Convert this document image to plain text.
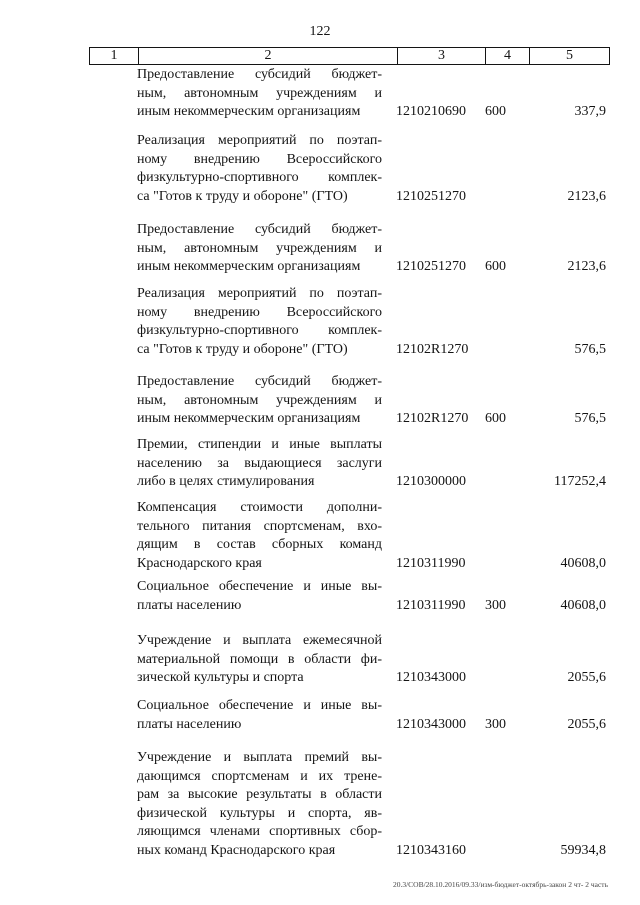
122
1	2	3	4	5
Предоставление субсидий бюджет-
ным, автономным учреждениям и
иным некоммерческим организациям	1210210690 600	337,9
Реализация мероприятий по поэтап-
ному внедрению Всероссийского
физкультурно-спортивного комплек-
са "Готов к труду и обороне" (ГТО)	1210251270	2123,6
Предоставление субсидий бюджет-
ным, автономным учреждениям и
иным некоммерческим организациям	1210251270 600	2123,6
Реализация мероприятий по поэтап-
ному внедрению Всероссийского
физкультурно-спортивного комплек-
са "Готов к труду и обороне" (ГТО)	12102R1270	576,5
Предоставление субсидий бюджет-
ным, автономным учреждениям и
иным некоммерческим организациям	12102R1270 600	576,5
Премии, стипендии и иные выплаты
населению за выдающиеся заслуги
либо в целях стимулирования	1210300000	117252,4
Компенсация стоимости дополни-
тельного питания спортсменам, вхо-
дящим в состав сборных команд
Краснодарского края	1210311990	40608,0
Социальное обеспечение и иные вы-
платы населению	1210311990 300	40608,0
Учреждение и выплата ежемесячной
материальной помощи в области фи-
зической культуры и спорта	1210343000	2055,6
Социальное обеспечение и иные вы-
платы населению	1210343000 300	2055,6
Учреждение и выплата премий вы-
дающимся спортсменам и их трене-
рам за высокие результаты в области
физической культуры и спорта, яв-
ляющимся членами спортивных сбор-
ных команд Краснодарского края	1210343160	59934,8
20.3/СОВ/28.10.2016/09.33/изм-бюджет-октябрь-закон 2 чт- 2 часть
